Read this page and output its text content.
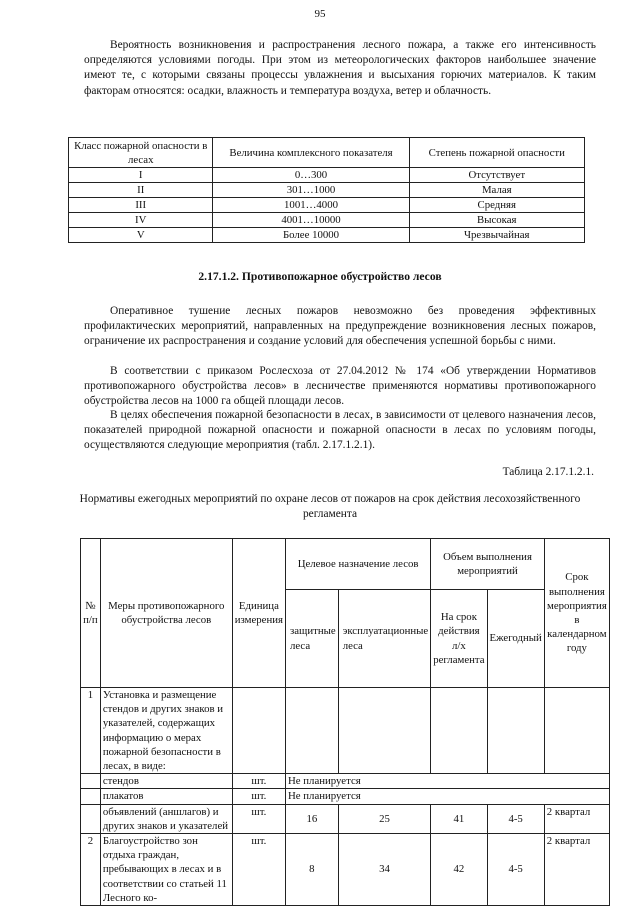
95

Вероятность возникновения и распространения лесного пожара, а также его интенсивность определяются условиями погоды. При этом из метеорологических факторов наибольшее значение имеют те, с которыми связаны процессы увлажнения и высыхания горючих материалов. К таким факторам относятся: осадки, влажность и температура воздуха, ветер и облачность.

Класс пожарной опасности в лесах	Величина комплексного показателя	Степень пожарной опасности
I	0…300	Отсутствует
II	301…1000	Малая
III	1001…4000	Средняя
IV	4001…10000	Высокая
V	Более 10000	Чрезвычайная
2.17.1.2. Противопожарное обустройство лесов

Оперативное тушение лесных пожаров невозможно без проведения эффективных профилактических мероприятий, направленных на предупреждение возникновения лесных пожаров, ограничение их распространения и создание условий для обеспечения успешной борьбы с ними.

В соответствии с приказом Рослесхоза от 27.04.2012 № 174 «Об утверждении Нормативов противопожарного обустройства лесов» в лесничестве применяются нормативы противопожарного обустройства лесов на 1000 га общей площади лесов.

В целях обеспечения пожарной безопасности в лесах, в зависимости от целевого назначения лесов, показателей природной пожарной опасности и пожарной опасности в лесах по условиям погоды, осуществляются следующие мероприятия (табл. 2.17.1.2.1).

Таблица 2.17.1.2.1.

Нормативы ежегодных мероприятий по охране лесов от пожаров на срок действия лесохозяйственного регламента

№ п/п	Меры противопожарного обустройства лесов	Единица измерения	Целевое назначение лесов		Объем выполнения мероприятий		Срок выполнения мероприятия в календарном году
			защитные леса	эксплуатационные леса	На срок действия л/х регламента	Ежегодный	
1	Установка и размещение стендов и других знаков и указателей, содержащих информацию о мерах пожарной безопасности в лесах, в виде:						
	стендов	шт.	Не планируется				
	плакатов	шт.	Не планируется				
	объявлений (аншлагов) и других знаков и указателей	шт.	16	25	41	4-5	2 квартал
2	Благоустройство зон отдыха граждан, пребывающих в лесах и в соответствии со статьей 11 Лесного ко-	шт.	8	34	42	4-5	2 квартал
